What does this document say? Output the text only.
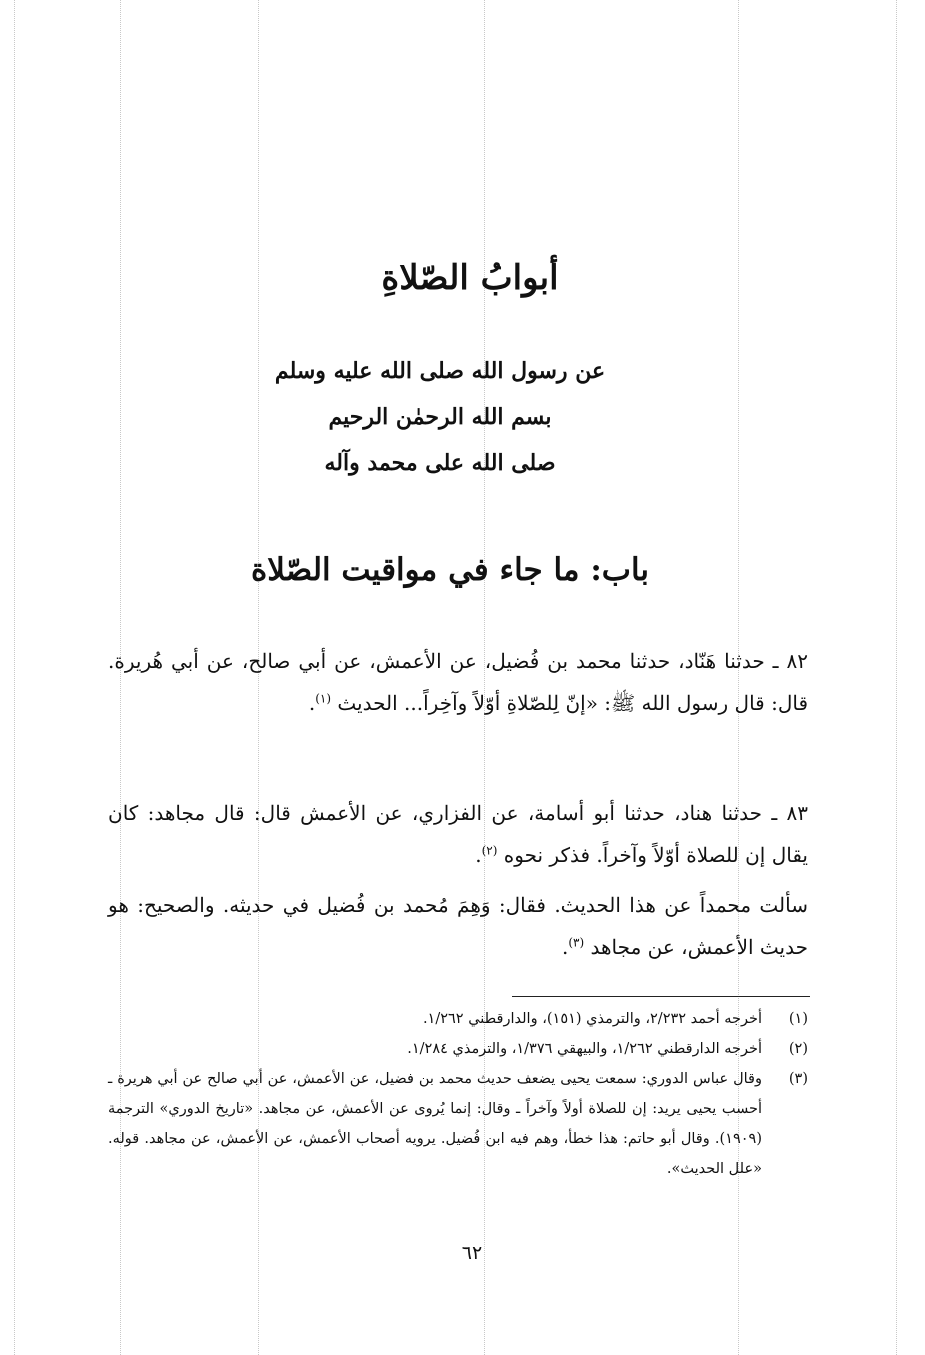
أبوابُ الصّلاةِ
عن رسول الله صلى الله عليه وسلم
بسم الله الرحمٰن الرحيم
صلى الله على محمد وآله
باب: ما جاء في مواقيت الصّلاة

٨٢ ـ حدثنا هَنّاد، حدثنا محمد بن فُضيل، عن الأعمش، عن أبي صالح، عن أبي هُريرة. قال: قال رسول الله ﷺ: «إنّ لِلصّلاةِ أوّلاً وآخِراً... الحديث $^{(١)}$.

٨٣ ـ حدثنا هناد، حدثنا أبو أسامة، عن الفزاري، عن الأعمش قال: قال مجاهد: كان يقال إن للصلاة أوّلاً وآخراً. فذكر نحوه $^{(٢)}$.

سألت محمداً عن هذا الحديث. فقال: وَهِمَ مُحمد بن فُضيل في حديثه. والصحيح: هو حديث الأعمش، عن مجاهد $^{(٣)}$.

(١)
أخرجه أحمد ٢/٢٣٢، والترمذي (١٥١)، والدارقطني ١/٢٦٢.
(٢)
أخرجه الدارقطني ١/٢٦٢، والبيهقي ١/٣٧٦، والترمذي ١/٢٨٤.
(٣)
وقال عباس الدوري: سمعت يحيى يضعف حديث محمد بن فضيل، عن الأعمش، عن أبي صالح عن أبي هريرة ـ أحسب يحيى يريد: إن للصلاة أولاً وآخراً ـ وقال: إنما يُروى عن الأعمش، عن مجاهد. «تاريخ الدوري» الترجمة (١٩٠٩). وقال أبو حاتم: هذا خطأ، وهم فيه ابن فُضيل. يرويه أصحاب الأعمش، عن الأعمش، عن مجاهد. قوله. «علل الحديث».
٦٢
